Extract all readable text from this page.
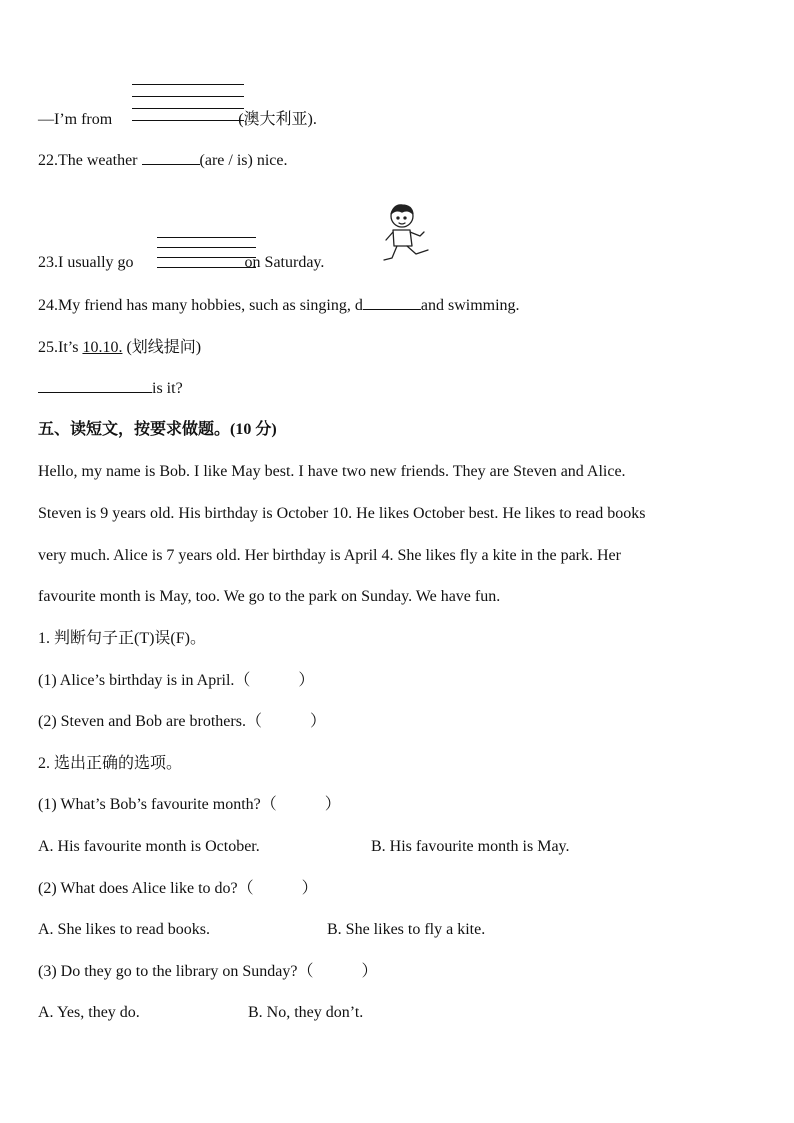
—I’m from	(澳大利亚).
22.The weather	(are / is) nice.
23.I usually go	on Saturday.
24.My friend has many hobbies, such as singing, d	and swimming.
25.It’s 10.10. (划线提问)
is it?
五、读短文，按要求做题。(10 分)
Hello, my name is Bob. I like May best. I have two new friends. They are Steven and Alice.
Steven is 9 years old. His birthday is October 10. He likes October best. He likes to read books
very much. Alice is 7 years old. Her birthday is April 4. She likes fly a kite in the park. Her
favourite month is May, too. We go to the park on Sunday. We have fun.
1. 判断句子正(T)误(F)。
(1) Alice’s birthday is in April.（　　　）
(2) Steven and Bob are brothers.（　　　）
2. 选出正确的选项。
(1) What’s Bob’s favourite month?（　　　）
A. His favourite month is October.	B. His favourite month is May.
(2) What does Alice like to do?（　　　）
A. She likes to read books.	B. She likes to fly a kite.
(3) Do they go to the library on Sunday?（　　　）
A. Yes, they do.	B. No, they don’t.
